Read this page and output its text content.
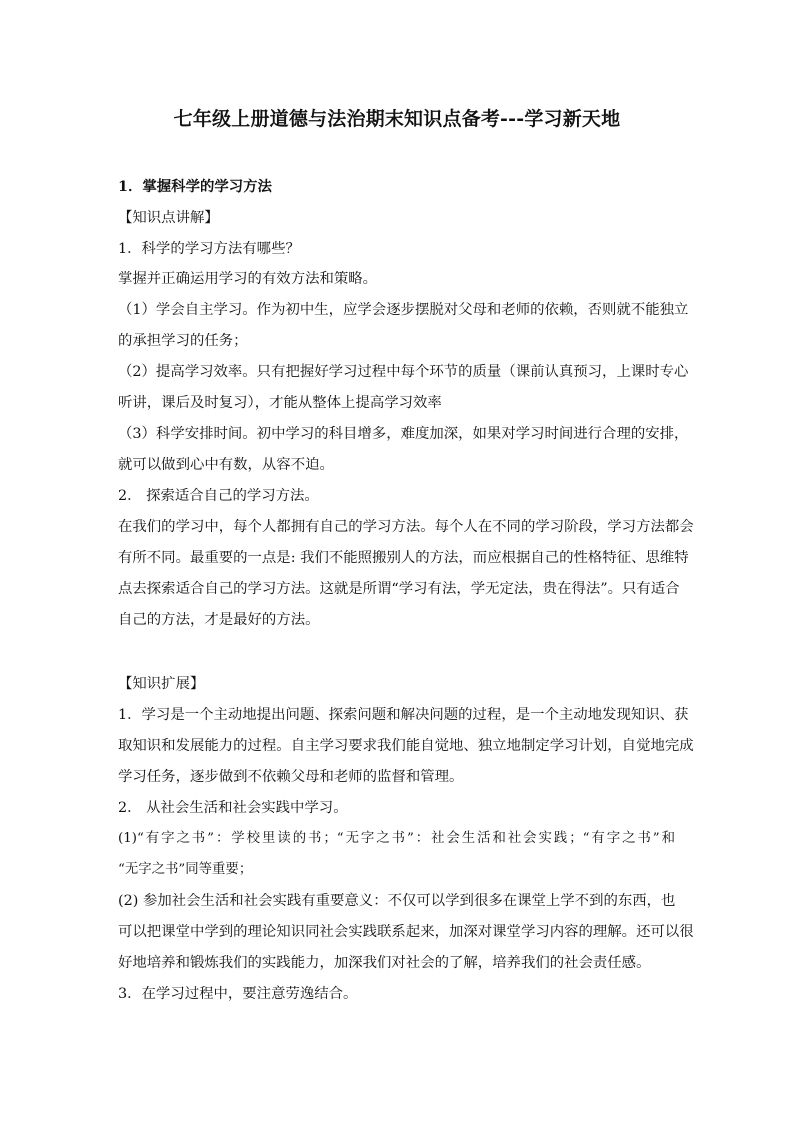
七年级上册道德与法治期末知识点备考---学习新天地

1．掌握科学的学习方法

【知识点讲解】

1．科学的学习方法有哪些？

掌握并正确运用学习的有效方法和策略。

（1）学会自主学习。作为初中生，应学会逐步摆脱对父母和老师的依赖，否则就不能独立

的承担学习的任务；

（2）提高学习效率。只有把握好学习过程中每个环节的质量（课前认真预习，上课时专心

听讲，课后及时复习），才能从整体上提高学习效率

（3）科学安排时间。初中学习的科目增多，难度加深，如果对学习时间进行合理的安排，

就可以做到心中有数，从容不迫。

2． 探索适合自己的学习方法。

在我们的学习中，每个人都拥有自己的学习方法。每个人在不同的学习阶段，学习方法都会

有所不同。最重要的一点是: 我们不能照搬别人的方法，而应根据自己的性格特征、思维特

点去探索适合自己的学习方法。这就是所谓“学习有法，学无定法，贵在得法”。只有适合

自己的方法，才是最好的方法。

【知识扩展】

1．学习是一个主动地提出问题、探索问题和解决问题的过程，是一个主动地发现知识、获

取知识和发展能力的过程。自主学习要求我们能自觉地、独立地制定学习计划，自觉地完成

学习任务，逐步做到不依赖父母和老师的监督和管理。

2． 从社会生活和社会实践中学习。

(1)“有字之书”：学校里读的书；“无字之书”：社会生活和社会实践；“有字之书”和

“无字之书”同等重要；

(2) 参加社会生活和社会实践有重要意义：不仅可以学到很多在课堂上学不到的东西，也

可以把课堂中学到的理论知识同社会实践联系起来，加深对课堂学习内容的理解。还可以很

好地培养和锻炼我们的实践能力，加深我们对社会的了解，培养我们的社会责任感。

3．在学习过程中，要注意劳逸结合。
